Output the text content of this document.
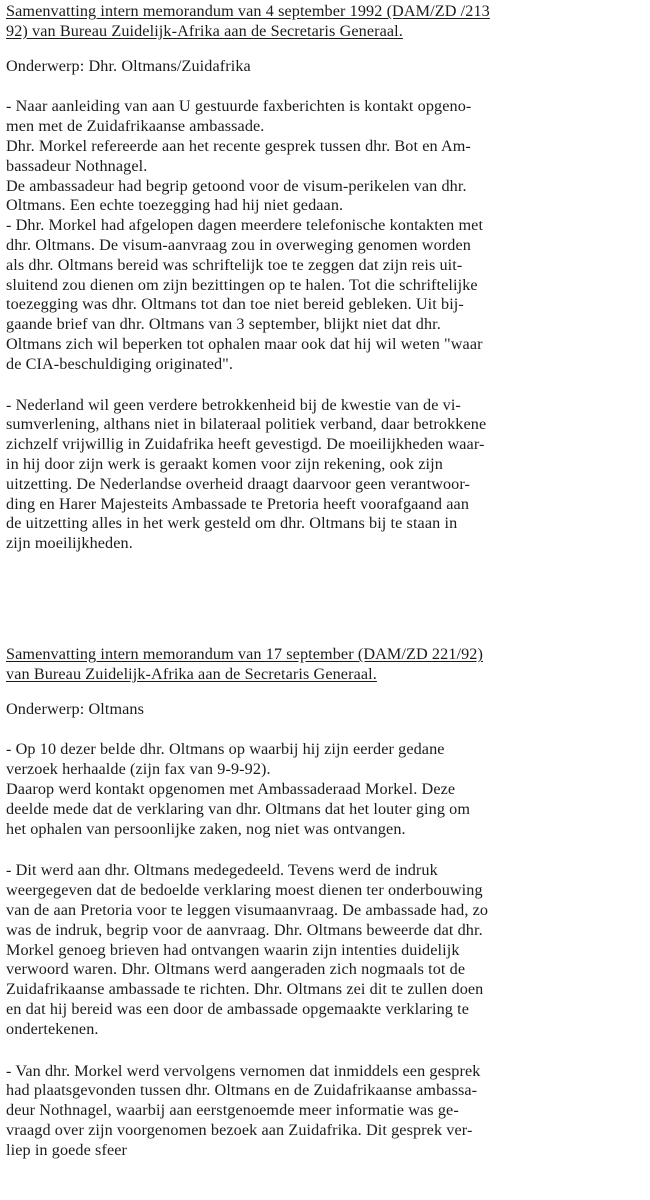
Samenvatting intern memorandum van 4 september 1992 (DAM/ZD /213
92) van Bureau Zuidelijk-Afrika aan de Secretaris Generaal.
Onderwerp: Dhr. Oltmans/Zuidafrika
- Naar aanleiding van aan U gestuurde faxberichten is kontakt opgeno-
men met de Zuidafrikaanse ambassade.
Dhr. Morkel refereerde aan het recente gesprek tussen dhr. Bot en Am-
bassadeur Nothnagel.
De ambassadeur had begrip getoond voor de visum-perikelen van dhr.
Oltmans. Een echte toezegging had hij niet gedaan.
- Dhr. Morkel had afgelopen dagen meerdere telefonische kontakten met
dhr. Oltmans. De visum-aanvraag zou in overweging genomen worden
als dhr. Oltmans bereid was schriftelijk toe te zeggen dat zijn reis uit-
sluitend zou dienen om zijn bezittingen op te halen. Tot die schriftelijke
toezegging was dhr. Oltmans tot dan toe niet bereid gebleken. Uit bij-
gaande brief van dhr. Oltmans van 3 september, blijkt niet dat dhr.
Oltmans zich wil beperken tot ophalen maar ook dat hij wil weten "waar
de CIA-beschuldiging originated".
- Nederland wil geen verdere betrokkenheid bij de kwestie van de vi-
sumverlening, althans niet in bilateraal politiek verband, daar betrokkene
zichzelf vrijwillig in Zuidafrika heeft gevestigd. De moeilijkheden waar-
in hij door zijn werk is geraakt komen voor zijn rekening, ook zijn
uitzetting. De Nederlandse overheid draagt daarvoor geen verantwoor-
ding en Harer Majesteits Ambassade te Pretoria heeft voorafgaand aan
de uitzetting alles in het werk gesteld om dhr. Oltmans bij te staan in
zijn moeilijkheden.
Samenvatting intern memorandum van 17 september (DAM/ZD 221/92)
van Bureau Zuidelijk-Afrika aan de Secretaris Generaal.
Onderwerp: Oltmans
- Op 10 dezer belde dhr. Oltmans op waarbij hij zijn eerder gedane
verzoek herhaalde (zijn fax van 9-9-92).
Daarop werd kontakt opgenomen met Ambassaderaad Morkel. Deze
deelde mede dat de verklaring van dhr. Oltmans dat het louter ging om
het ophalen van persoonlijke zaken, nog niet was ontvangen.
- Dit werd aan dhr. Oltmans medegedeeld. Tevens werd de indruk
weergegeven dat de bedoelde verklaring moest dienen ter onderbouwing
van de aan Pretoria voor te leggen visumaanvraag. De ambassade had, zo
was de indruk, begrip voor de aanvraag. Dhr. Oltmans beweerde dat dhr.
Morkel genoeg brieven had ontvangen waarin zijn intenties duidelijk
verwoord waren. Dhr. Oltmans werd aangeraden zich nogmaals tot de
Zuidafrikaanse ambassade te richten. Dhr. Oltmans zei dit te zullen doen
en dat hij bereid was een door de ambassade opgemaakte verklaring te
ondertekenen.
- Van dhr. Morkel werd vervolgens vernomen dat inmiddels een gesprek
had plaatsgevonden tussen dhr. Oltmans en de Zuidafrikaanse ambassa-
deur Nothnagel, waarbij aan eerstgenoemde meer informatie was ge-
vraagd over zijn voorgenomen bezoek aan Zuidafrika. Dit gesprek ver-
liep in goede sfeer
